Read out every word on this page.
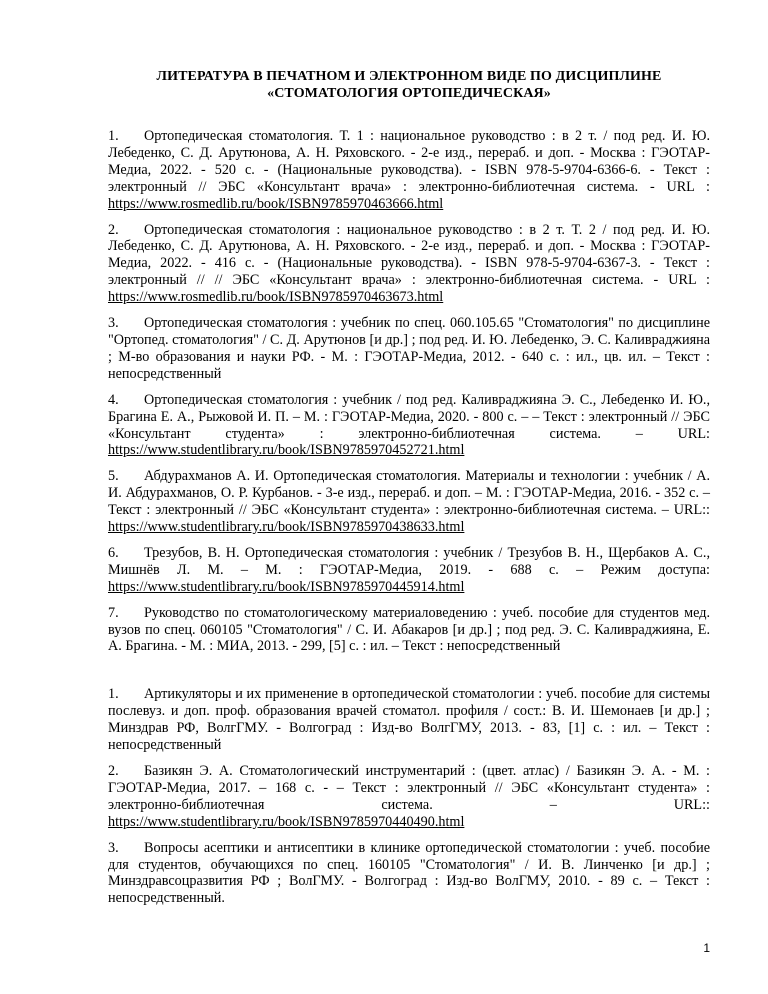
ЛИТЕРАТУРА В ПЕЧАТНОМ И ЭЛЕКТРОННОМ ВИДЕ ПО ДИСЦИПЛИНЕ
«СТОМАТОЛОГИЯ ОРТОПЕДИЧЕСКАЯ»
1. Ортопедическая стоматология. Т. 1 : национальное руководство : в 2 т. / под ред. И. Ю. Лебеденко, С. Д. Арутюнова, А. Н. Ряховского. - 2-е изд., перераб. и доп. - Москва : ГЭОТАР-Медиа, 2022. - 520 с. - (Национальные руководства). - ISBN 978-5-9704-6366-6. - Текст : электронный // ЭБС «Консультант врача» : электронно-библиотечная система. - URL : https://www.rosmedlib.ru/book/ISBN9785970463666.html
2. Ортопедическая стоматология : национальное руководство : в 2 т. Т. 2 / под ред. И. Ю. Лебеденко, С. Д. Арутюнова, А. Н. Ряховского. - 2-е изд., перераб. и доп. - Москва : ГЭОТАР-Медиа, 2022. - 416 с. - (Национальные руководства). - ISBN 978-5-9704-6367-3. - Текст : электронный // // ЭБС «Консультант врача» : электронно-библиотечная система. - URL : https://www.rosmedlib.ru/book/ISBN9785970463673.html
3. Ортопедическая стоматология : учебник по спец. 060.105.65 "Стоматология" по дисциплине "Ортопед. стоматология" / С. Д. Арутюнов [и др.] ; под ред. И. Ю. Лебеденко, Э. С. Каливраджияна ; М-во образования и науки РФ. - М. : ГЭОТАР-Медиа, 2012. - 640 с. : ил., цв. ил. – Текст : непосредственный
4. Ортопедическая стоматология : учебник / под ред. Каливраджияна Э. С., Лебеденко И. Ю., Брагина Е. А., Рыжовой И. П. – М. : ГЭОТАР-Медиа, 2020. - 800 с. – – Текст : электронный // ЭБС «Консультант студента» : электронно-библиотечная система. – URL: https://www.studentlibrary.ru/book/ISBN9785970452721.html
5. Абдурахманов А. И. Ортопедическая стоматология. Материалы и технологии : учебник / А. И. Абдурахманов, О. Р. Курбанов. - 3-е изд., перераб. и доп. – М. : ГЭОТАР-Медиа, 2016. - 352 с. – Текст : электронный // ЭБС «Консультант студента» : электронно-библиотечная система. – URL:: https://www.studentlibrary.ru/book/ISBN9785970438633.html
6. Трезубов, В. Н. Ортопедическая стоматология : учебник / Трезубов В. Н., Щербаков А. С., Мишнёв Л. М. – М. : ГЭОТАР-Медиа, 2019. - 688 с. – Режим доступа: https://www.studentlibrary.ru/book/ISBN9785970445914.html
7. Руководство по стоматологическому материаловедению : учеб. пособие для студентов мед. вузов по спец. 060105 "Стоматология" / С. И. Абакаров [и др.] ; под ред. Э. С. Каливраджияна, Е. А. Брагина. - М. : МИА, 2013. - 299, [5] с. : ил. – Текст : непосредственный
1. Артикуляторы и их применение в ортопедической стоматологии : учеб. пособие для системы послевуз. и доп. проф. образования врачей стоматол. профиля / сост.: В. И. Шемонаев [и др.] ; Минздрав РФ, ВолгГМУ. - Волгоград : Изд-во ВолгГМУ, 2013. - 83, [1] с. : ил. – Текст : непосредственный
2. Базикян Э. А. Стоматологический инструментарий : (цвет. атлас) / Базикян Э. А. - М. : ГЭОТАР-Медиа, 2017. – 168 с. - – Текст : электронный // ЭБС «Консультант студента» : электронно-библиотечная система. – URL:: https://www.studentlibrary.ru/book/ISBN9785970440490.html
3. Вопросы асептики и антисептики в клинике ортопедической стоматологии : учеб. пособие для студентов, обучающихся по спец. 160105 "Стоматология" / И. В. Линченко [и др.] ; Минздравсоцразвития РФ ; ВолГМУ. - Волгоград : Изд-во ВолГМУ, 2010. - 89 с. – Текст : непосредственный.
1
